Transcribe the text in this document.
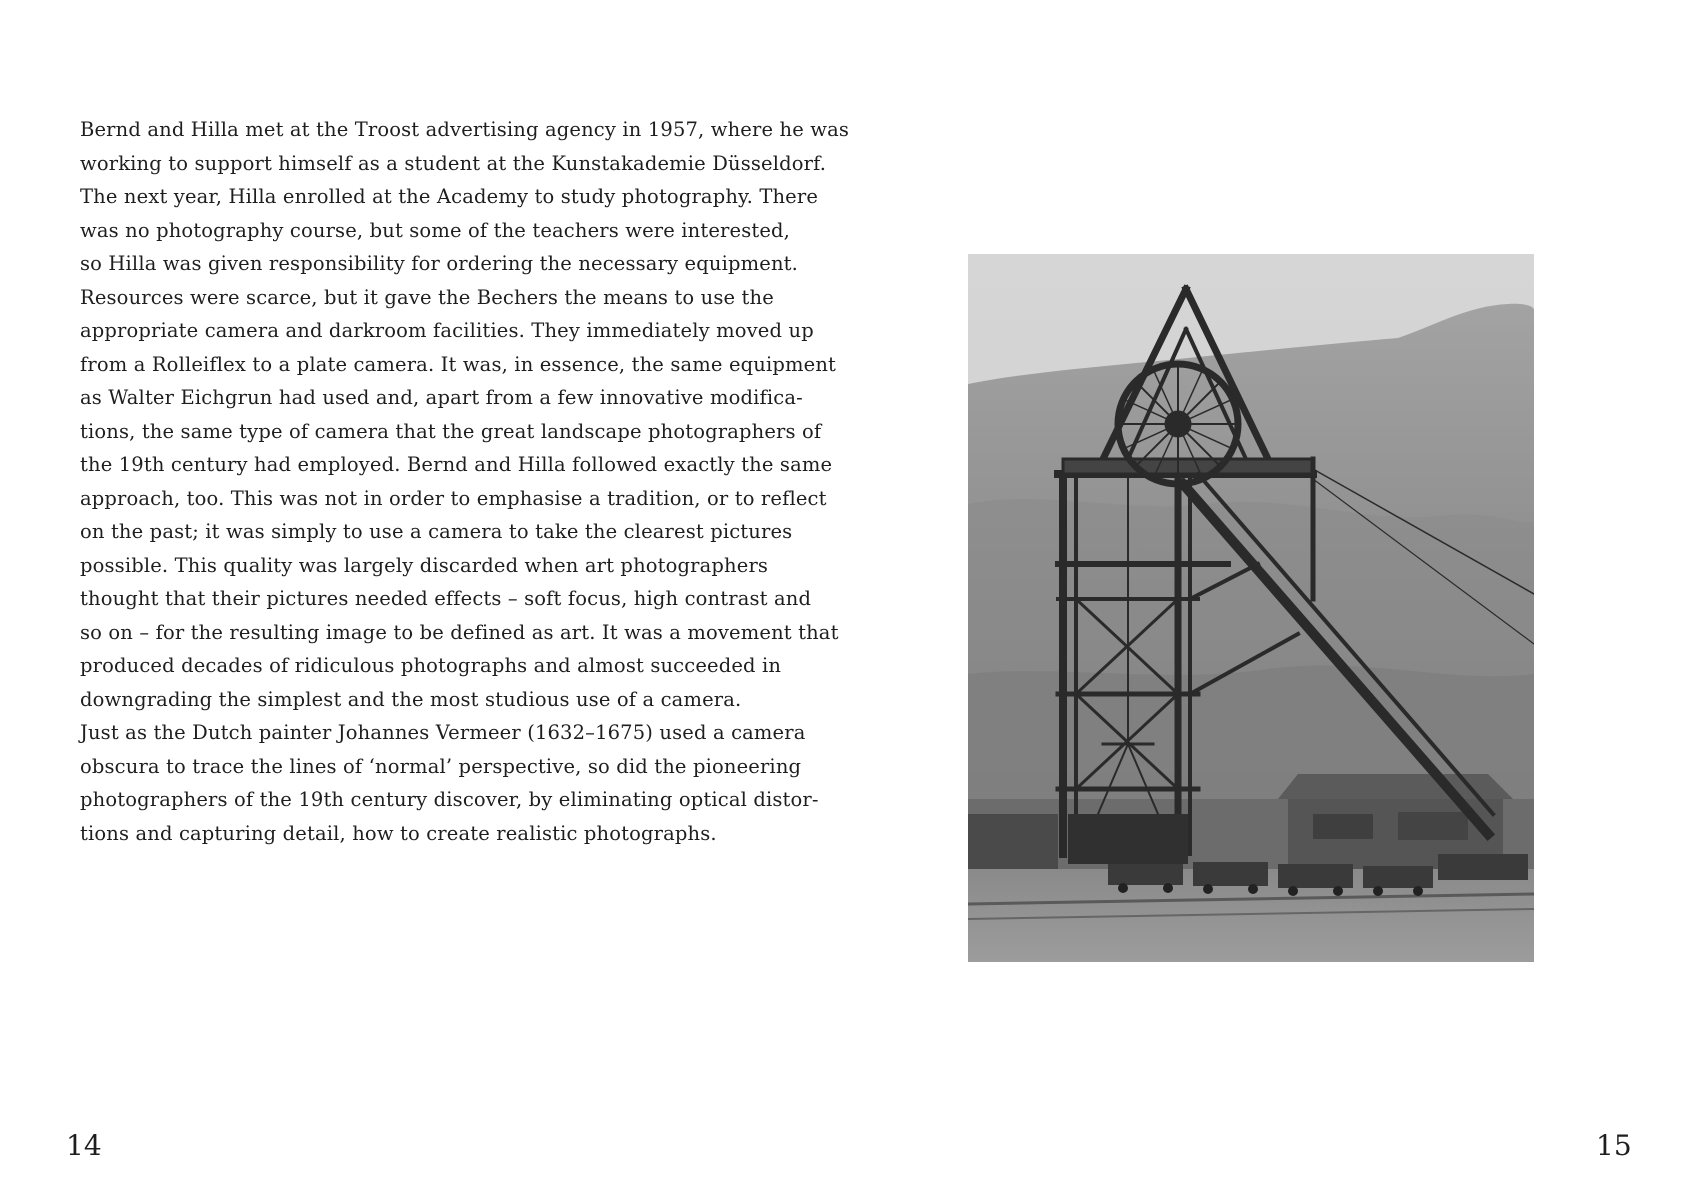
Bernd and Hilla met at the Troost advertising agency in 1957, where he was
working to support himself as a student at the Kunstakademie Düsseldorf.
The next year, Hilla enrolled at the Academy to study photography. There
was no photography course, but some of the teachers were interested,
so Hilla was given responsibility for ordering the necessary equipment.
Resources were scarce, but it gave the Bechers the means to use the
appropriate camera and darkroom facilities. They immediately moved up
from a Rolleiflex to a plate camera. It was, in essence, the same equipment
as Walter Eichgrun had used and, apart from a few innovative modifica-
tions, the same type of camera that the great landscape photographers of
the 19th century had employed. Bernd and Hilla followed exactly the same
approach, too. This was not in order to emphasise a tradition, or to reflect
on the past; it was simply to use a camera to take the clearest pictures
possible. This quality was largely discarded when art photographers
thought that their pictures needed effects – soft focus, high contrast and
so on – for the resulting image to be defined as art. It was a movement that
produced decades of ridiculous photographs and almost succeeded in
downgrading the simplest and the most studious use of a camera.
Just as the Dutch painter Johannes Vermeer (1632–1675) used a camera
obscura to trace the lines of ‘normal’ perspective, so did the pioneering
photographers of the 19th century discover, by eliminating optical distor-
tions and capturing detail, how to create realistic photographs.
14	15
